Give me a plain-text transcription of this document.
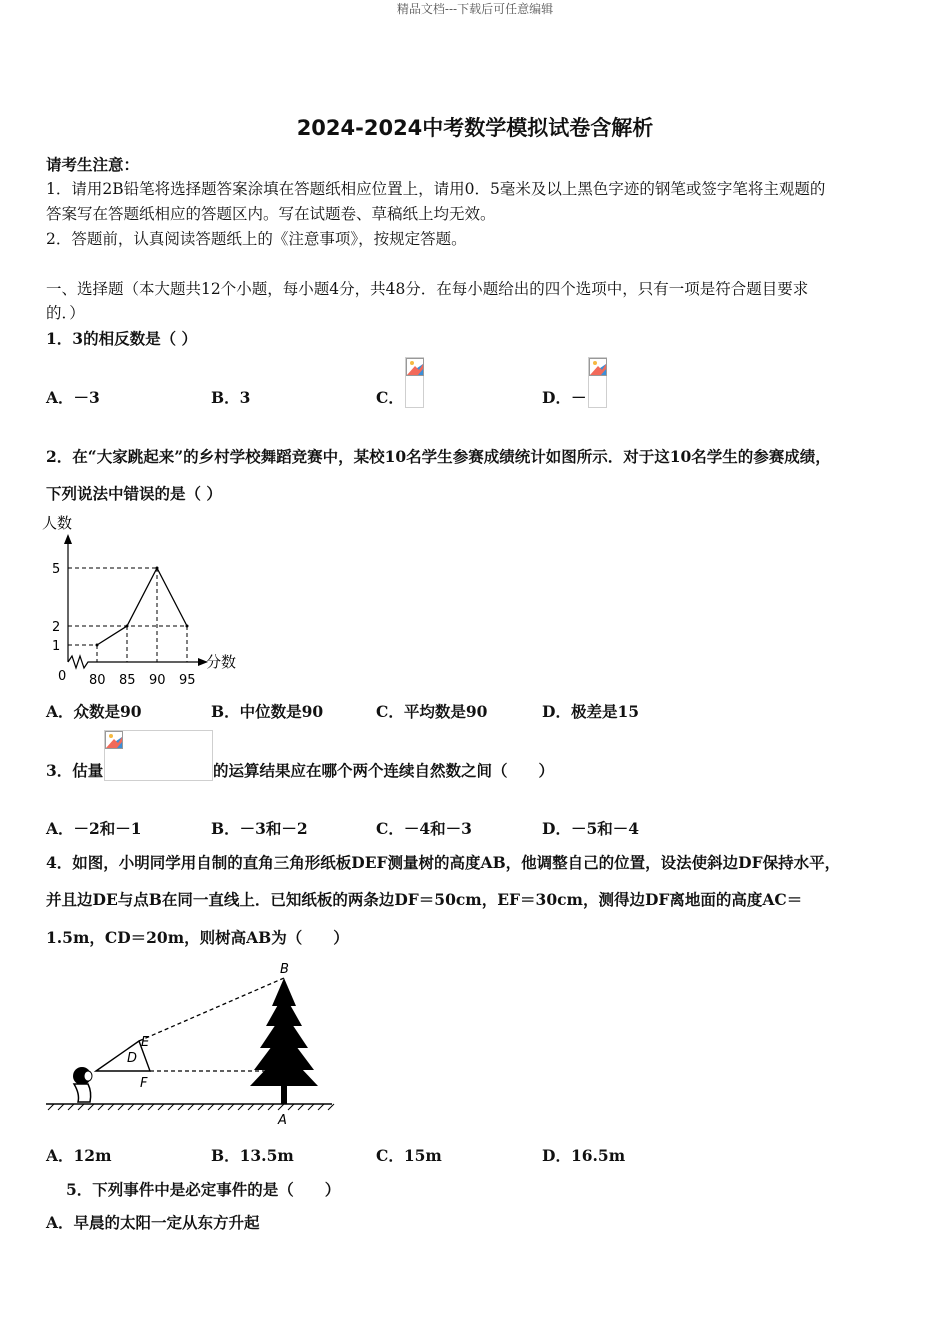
精品文档---下载后可任意编辑
2024-2024中考数学模拟试卷含解析
请考生注意：
1．请用2B铅笔将选择题答案涂填在答题纸相应位置上，请用0．5毫米及以上黑色字迹的钢笔或签字笔将主观题的
答案写在答题纸相应的答题区内。写在试题卷、草稿纸上均无效。
2．答题前，认真阅读答题纸上的《注意事项》，按规定答题。
一、选择题（本大题共12个小题，每小题4分，共48分．在每小题给出的四个选项中，只有一项是符合题目要求
的．）
1．3的相反数是（ ）
A．－3	B．3	C．	D．－
2．在“大家跳起来”的乡村学校舞蹈竞赛中，某校10名学生参赛成绩统计如图所示．对于这10名学生的参赛成绩，
下列说法中错误的是（ ）
人数
分数
0 80 85 90 95
1
2
5
A．众数是90	B．中位数是90	C．平均数是90	D．极差是15
3．估量	的运算结果应在哪个两个连续自然数之间（　　）
A．－2和－1	B．－3和－2	C．－4和－3	D．－5和－4
4．如图，小明同学用自制的直角三角形纸板DEF测量树的高度AB，他调整自己的位置，设法使斜边DF保持水平，
并且边DE与点B在同一直线上．已知纸板的两条边DF＝50cm，EF＝30cm，测得边DF离地面的高度AC＝
1.5m，CD＝20m，则树高AB为（　　）
B
D
E
F	C
A
A．12m	B．13.5m	C．15m	D．16.5m
5．下列事件中是必定事件的是（　　）
A．早晨的太阳一定从东方升起
